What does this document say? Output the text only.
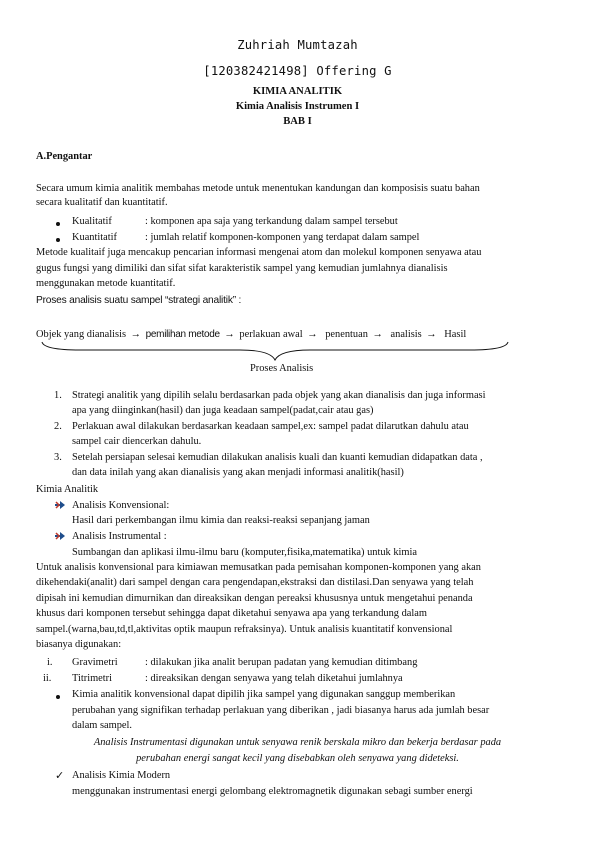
Zuhriah Mumtazah
[120382421498] Offering G
KIMIA ANALITIK
Kimia Analisis Instrumen I
BAB I
A.Pengantar
Secara umum kimia analitik membahas metode untuk menentukan kandungan dan komposisis suatu bahan
secara kualitatif dan kuantitatif.
Kualitatif	: komponen apa saja yang terkandung dalam sampel tersebut
Kuantitatif	: jumlah relatif komponen-komponen yang terdapat dalam sampel
Metode kualitaif juga mencakup pencarian informasi mengenai atom dan molekul komponen senyawa atau
gugus fungsi yang dimiliki dan sifat sifat karakteristik sampel yang kemudian jumlahnya dianalisis
menggunakan metode kuantitatif.
Proses analisis suatu sampel “strategi analitik” :
Objek yang dianalisis → pemilihan metode → perlakuan awal → penentuan → analisis → Hasil
Proses Analisis
1. Strategi analitik yang dipilih selalu berdasarkan pada objek yang akan dianalisis dan juga informasi
apa yang diinginkan(hasil) dan juga keadaan sampel(padat,cair atau gas)
2. Perlakuan awal dilakukan berdasarkan keadaan sampel,ex: sampel padat dilarutkan dahulu atau
sampel cair diencerkan dahulu.
3. Setelah persiapan selesai kemudian dilakukan analisis kuali dan kuanti kemudian didapatkan data ,
dan data inilah yang akan dianalisis yang akan menjadi informasi analitik(hasil)
Kimia Analitik
Analisis Konvensional:
Hasil dari perkembangan ilmu kimia dan reaksi-reaksi sepanjang jaman
Analisis Instrumental :
Sumbangan dan aplikasi ilmu-ilmu baru (komputer,fisika,matematika) untuk kimia
Untuk analisis konvensional para kimiawan memusatkan pada pemisahan komponen-komponen yang akan
dikehendaki(analit) dari sampel dengan cara pengendapan,ekstraksi dan distilasi.Dan senyawa yang telah
dipisah ini kemudian dimurnikan dan direaksikan dengan pereaksi khususnya untuk mengetahui penanda
khusus dari komponen tersebut sehingga dapat diketahui senyawa apa yang terkandung dalam
sampel.(warna,bau,td,tl,aktivitas optik maupun refraksinya). Untuk analisis kuantitatif konvensional
biasanya digunakan:
i. Gravimetri	: dilakukan jika analit berupan padatan yang kemudian ditimbang
ii. Titrimetri	: direaksikan dengan senyawa yang telah diketahui jumlahnya
Kimia analitik konvensional dapat dipilih jika sampel yang digunakan sanggup memberikan
perubahan yang signifikan terhadap perlakuan yang diberikan , jadi biasanya harus ada jumlah besar
dalam sampel.
Analisis Instrumentasi digunakan untuk senyawa renik berskala mikro dan bekerja berdasar pada
perubahan energi sangat kecil yang disebabkan oleh senyawa yang dideteksi.
✓ Analisis Kimia Modern
menggunakan instrumentasi energi gelombang elektromagnetik digunakan sebagi sumber energi
